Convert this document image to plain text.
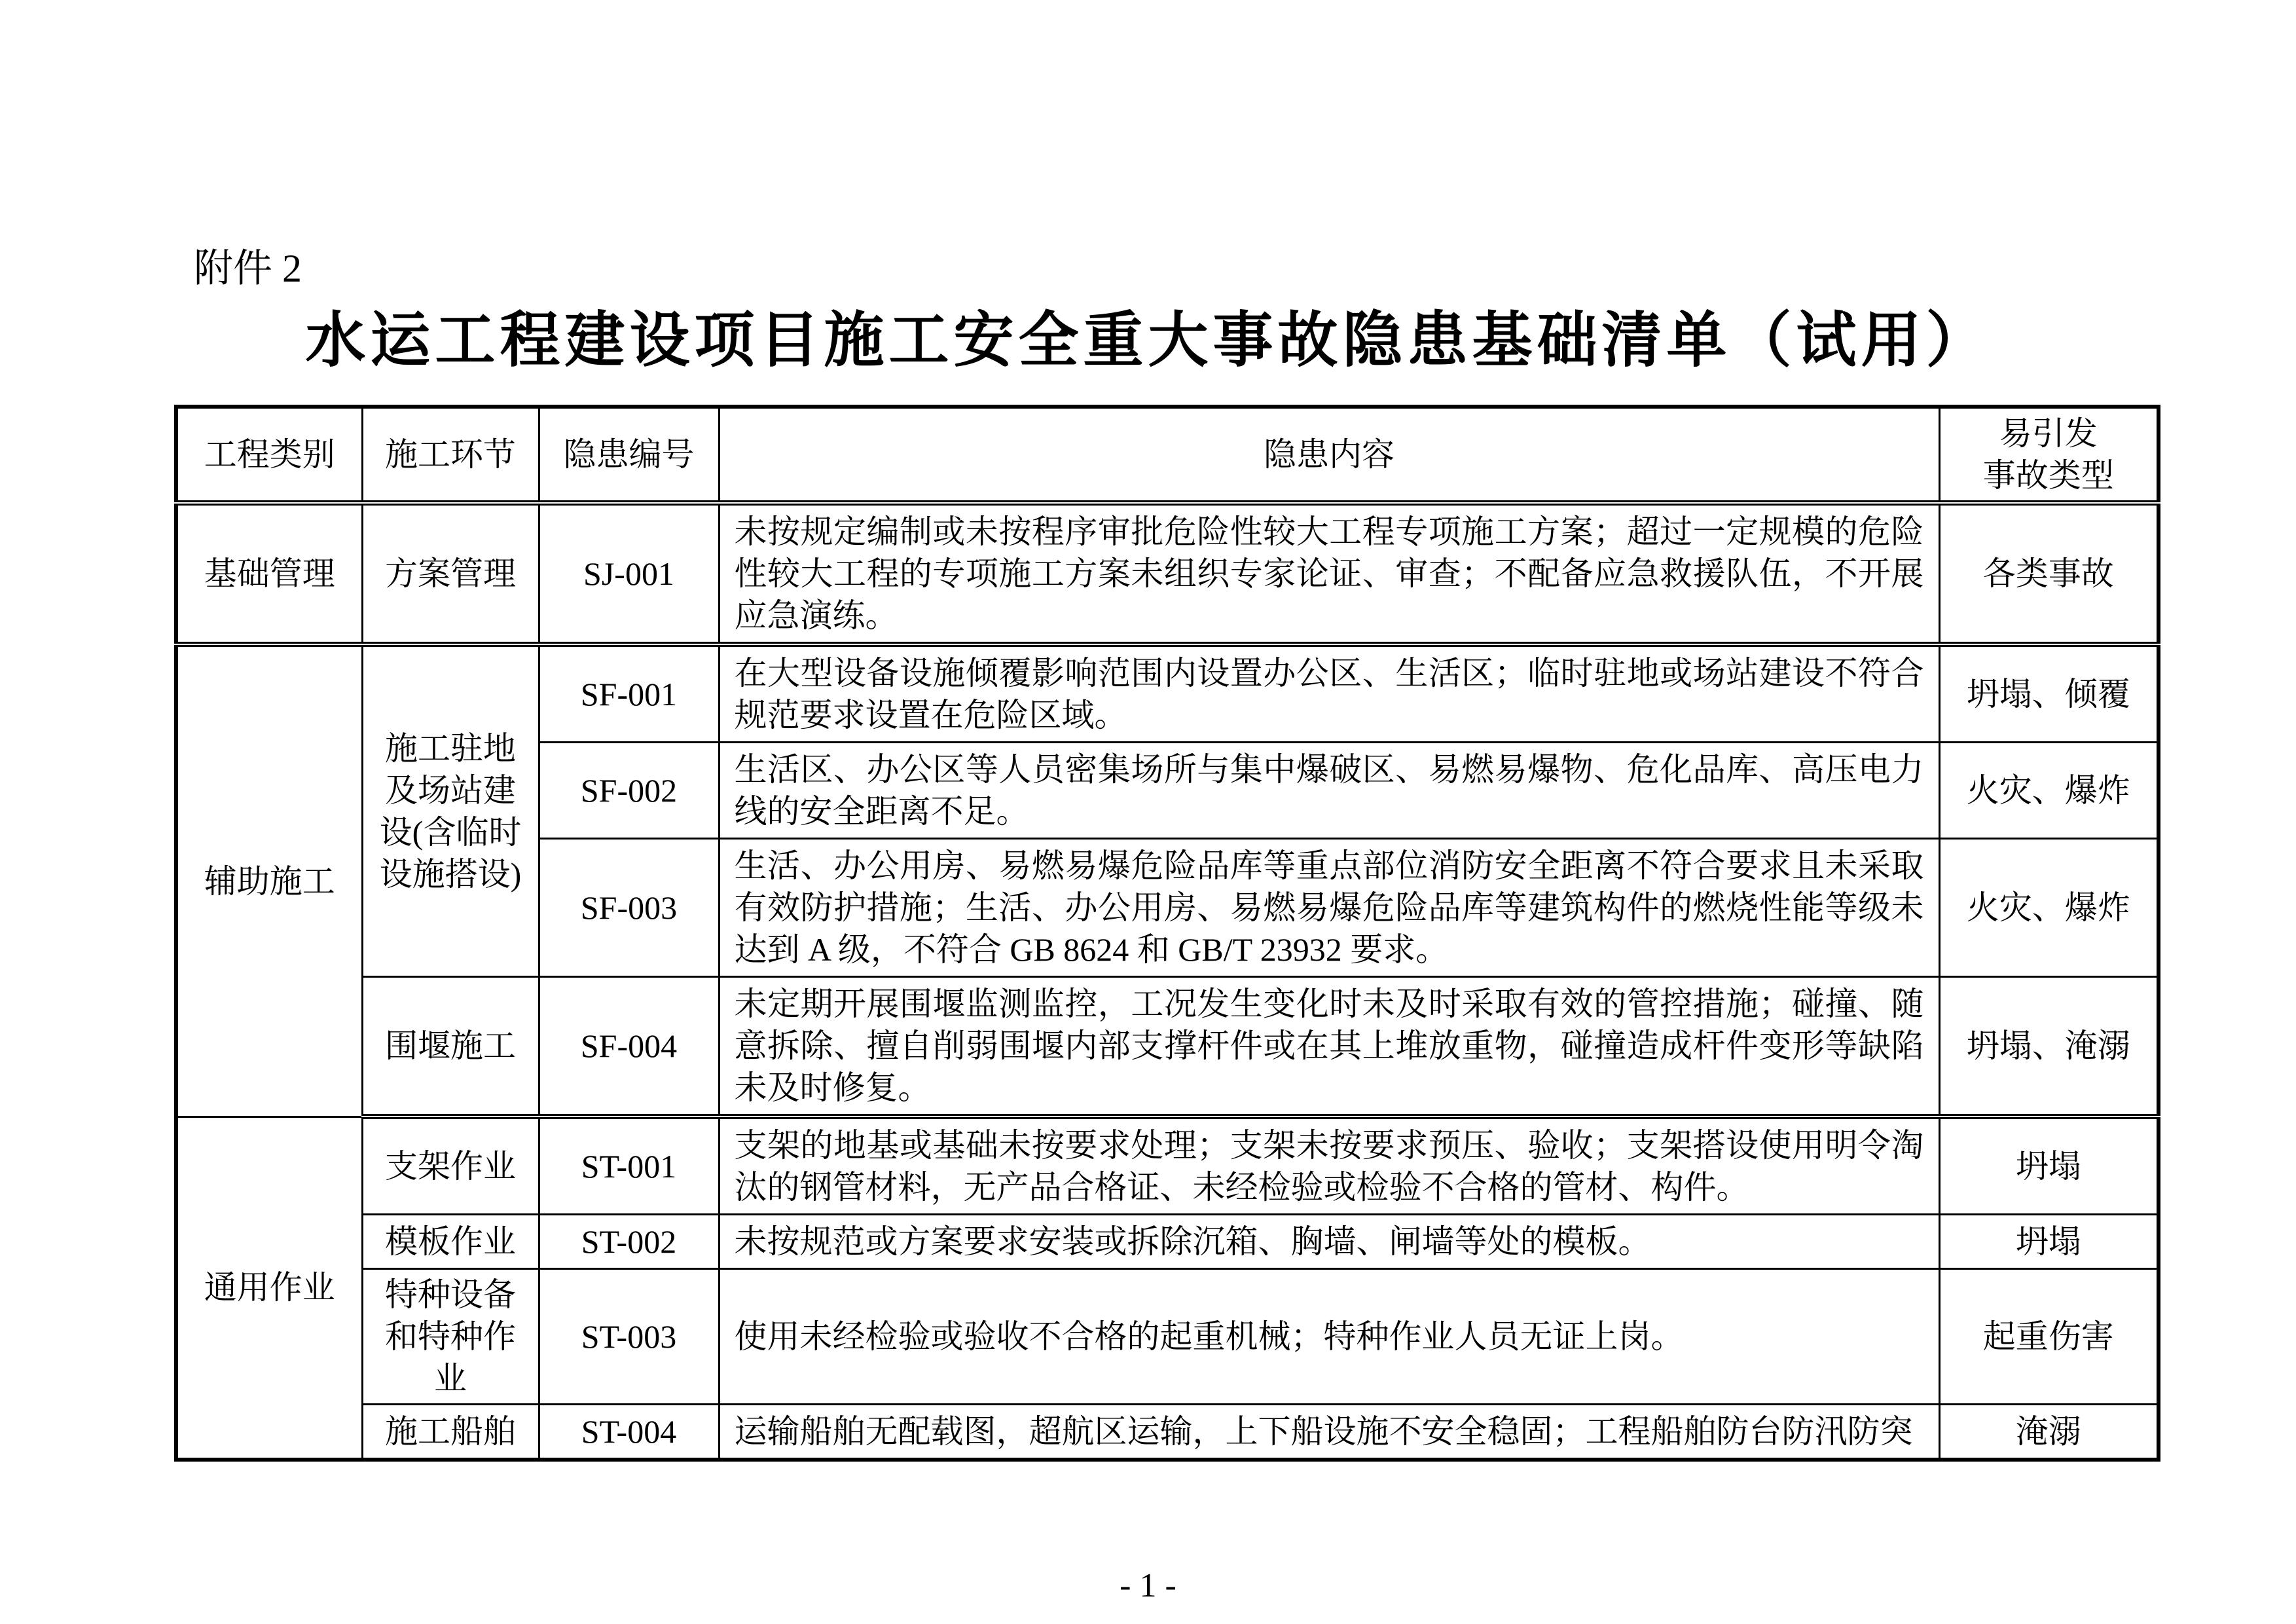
附件 2
水运工程建设项目施工安全重大事故隐患基础清单（试用）
工程类别	施工环节	隐患编号	隐患内容	易引发
事故类型

基础管理	方案管理	SJ-001	未按规定编制或未按程序审批危险性较大工程专项施工方案；超过一定规模的危险性较大工程的专项施工方案未组织专家论证、审查；不配备应急救援队伍，不开展应急演练。	各类事故
辅助施工	施工驻地及场站建设(含临时设施搭设)	SF-001	在大型设备设施倾覆影响范围内设置办公区、生活区；临时驻地或场站建设不符合规范要求设置在危险区域。	坍塌、倾覆
		SF-002	生活区、办公区等人员密集场所与集中爆破区、易燃易爆物、危化品库、高压电力线的安全距离不足。	火灾、爆炸
		SF-003	生活、办公用房、易燃易爆危险品库等重点部位消防安全距离不符合要求且未采取有效防护措施；生活、办公用房、易燃易爆危险品库等建筑构件的燃烧性能等级未达到 A 级，不符合 GB 8624 和 GB/T 23932 要求。	火灾、爆炸
	围堰施工	SF-004	未定期开展围堰监测监控，工况发生变化时未及时采取有效的管控措施；碰撞、随意拆除、擅自削弱围堰内部支撑杆件或在其上堆放重物，碰撞造成杆件变形等缺陷未及时修复。	坍塌、淹溺
通用作业	支架作业	ST-001	支架的地基或基础未按要求处理；支架未按要求预压、验收；支架搭设使用明令淘汰的钢管材料，无产品合格证、未经检验或检验不合格的管材、构件。	坍塌
	模板作业	ST-002	未按规范或方案要求安装或拆除沉箱、胸墙、闸墙等处的模板。	坍塌
	特种设备和特种作业	ST-003	使用未经检验或验收不合格的起重机械；特种作业人员无证上岗。	起重伤害
	施工船舶	ST-004	运输船舶无配载图，超航区运输，上下船设施不安全稳固；工程船舶防台防汛防突	淹溺
- 1 -
